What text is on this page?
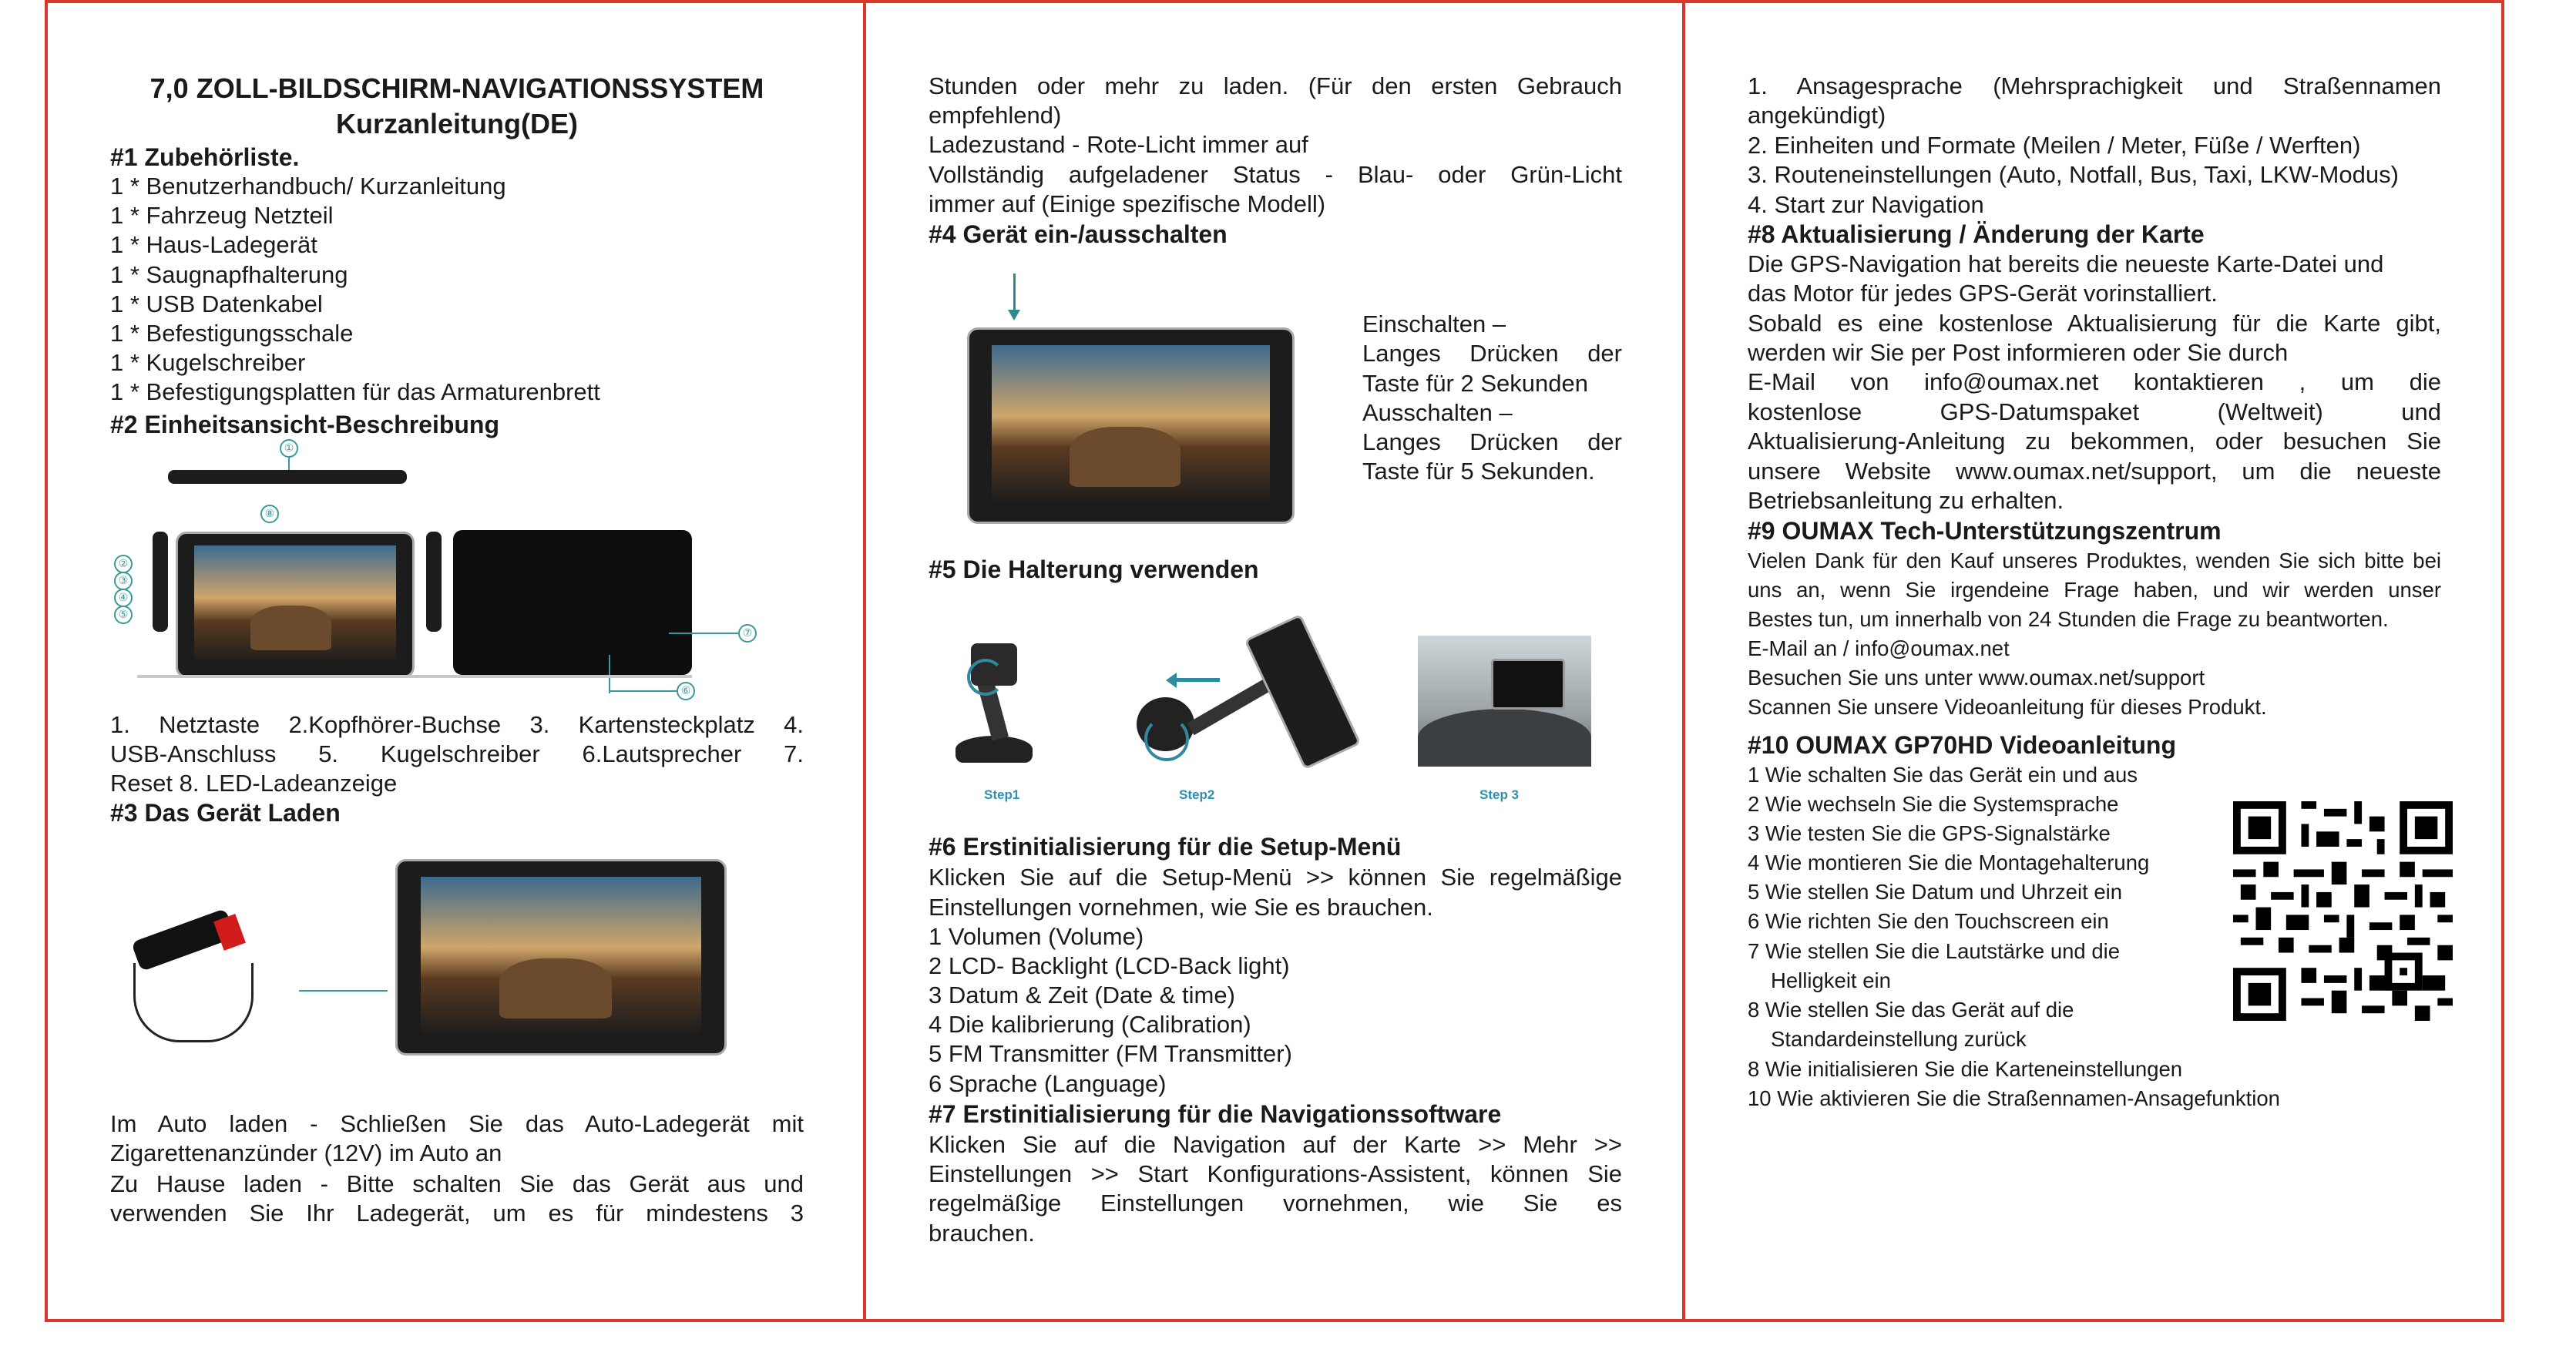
7,0 ZOLL-BILDSCHIRM-NAVIGATIONSSYSTEM
Kurzanleitung(DE)
#1 Zubehörliste.
1 * Benutzerhandbuch/ Kurzanleitung
1 * Fahrzeug Netzteil
1 * Haus-Ladegerät
1 * Saugnapfhalterung
1 * USB Datenkabel
1 * Befestigungsschale
1 * Kugelschreiber
1 * Befestigungsplatten für das Armaturenbrett
#2 Einheitsansicht-Beschreibung
①
⑧
②
③
④
⑤
⑦
⑥
1. Netztaste 2.Kopfhörer-Buchse 3. Kartensteckplatz 4.
USB-Anschluss 5. Kugelschreiber 6.Lautsprecher 7.
Reset 8. LED-Ladeanzeige
#3 Das Gerät Laden
Im Auto laden - Schließen Sie das Auto-Ladegerät mit
Zigarettenanzünder (12V) im Auto an
Zu Hause laden - Bitte schalten Sie das Gerät aus und
verwenden Sie Ihr Ladegerät, um es für mindestens 3
Stunden oder mehr zu laden. (Für den ersten Gebrauch
empfehlend)
Ladezustand - Rote-Licht immer auf
Vollständig aufgeladener Status - Blau- oder Grün-Licht
immer auf (Einige spezifische Modell)
#4 Gerät ein-/ausschalten
Einschalten –
Langes Drücken der
Taste für 2 Sekunden
Ausschalten –
Langes Drücken der
Taste für 5 Sekunden.
#5 Die Halterung verwenden
Step1	Step2	Step 3
#6 Erstinitialisierung für die Setup-Menü
Klicken Sie auf die Setup-Menü >> können Sie regelmäßige
Einstellungen vornehmen, wie Sie es brauchen.
1 Volumen (Volume)
2 LCD- Backlight (LCD-Back light)
3 Datum & Zeit (Date & time)
4 Die kalibrierung (Calibration)
5 FM Transmitter (FM Transmitter)
6 Sprache (Language)
#7 Erstinitialisierung für die Navigationssoftware
Klicken Sie auf die Navigation auf der Karte >> Mehr >>
Einstellungen >> Start Konfigurations-Assistent, können Sie
regelmäßige Einstellungen vornehmen, wie Sie es
brauchen.
1. Ansagesprache (Mehrsprachigkeit und Straßennamen
angekündigt)
2. Einheiten und Formate (Meilen / Meter, Füße / Werften)
3. Routeneinstellungen (Auto, Notfall, Bus, Taxi, LKW-Modus)
4. Start zur Navigation
#8 Aktualisierung / Änderung der Karte
Die GPS-Navigation hat bereits die neueste Karte-Datei und
das Motor für jedes GPS-Gerät vorinstalliert.
Sobald es eine kostenlose Aktualisierung für die Karte gibt,
werden wir Sie per Post informieren oder Sie durch
E-Mail von info@oumax.net kontaktieren , um die
kostenlose GPS-Datumspaket (Weltweit) und
Aktualisierung-Anleitung zu bekommen, oder besuchen Sie
unsere Website www.oumax.net/support, um die neueste
Betriebsanleitung zu erhalten.
#9 OUMAX Tech-Unterstützungszentrum
Vielen Dank für den Kauf unseres Produktes, wenden Sie sich bitte bei
uns an, wenn Sie irgendeine Frage haben, und wir werden unser
Bestes tun, um innerhalb von 24 Stunden die Frage zu beantworten.
E-Mail an / info@oumax.net
Besuchen Sie uns unter www.oumax.net/support
Scannen Sie unsere Videoanleitung für dieses Produkt.
#10 OUMAX GP70HD Videoanleitung
1 Wie schalten Sie das Gerät ein und aus
2 Wie wechseln Sie die Systemsprache
3 Wie testen Sie die GPS-Signalstärke
4 Wie montieren Sie die Montagehalterung
5 Wie stellen Sie Datum und Uhrzeit ein
6 Wie richten Sie den Touchscreen ein
7 Wie stellen Sie die Lautstärke und die
Helligkeit ein
8 Wie stellen Sie das Gerät auf die
Standardeinstellung zurück
8 Wie initialisieren Sie die Karteneinstellungen
10 Wie aktivieren Sie die Straßennamen-Ansagefunktion
